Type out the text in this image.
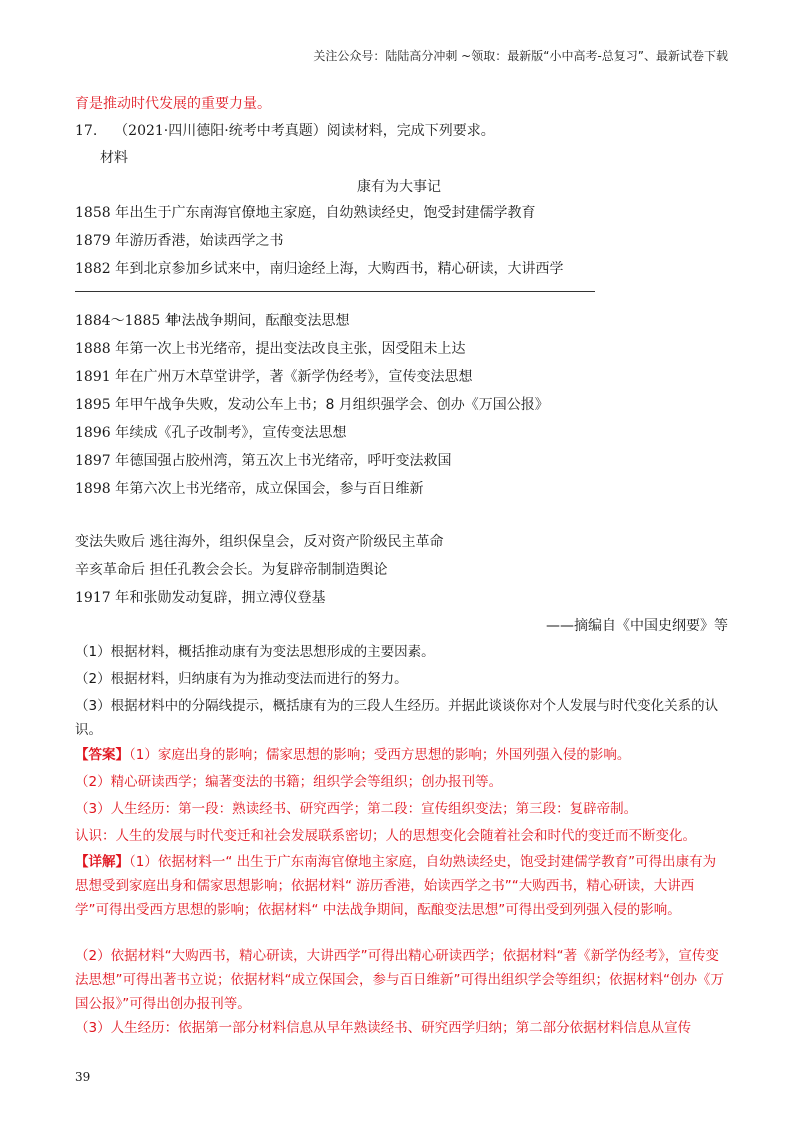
关注公众号：陆陆高分冲刺 ~领取：最新版“小中高考-总复习”、最新试卷下载
育是推动时代发展的重要力量。
17. （2021·四川德阳·统考中考真题）阅读材料，完成下列要求。
材料
康有为大事记
1858 年 出生于广东南海官僚地主家庭，自幼熟读经史，饱受封建儒学教育
1879 年 游历香港，始读西学之书
1882 年 到北京参加乡试来中，南归途经上海，大购西书，精心研读，大讲西学
1884～1885 年 中法战争期间，酝酿变法思想
1888 年 第一次上书光绪帝，提出变法改良主张，因受阻未上达
1891 年 在广州万木草堂讲学，著《新学伪经考》，宣传变法思想
1895 年 甲午战争失败，发动公车上书；8 月组织强学会、创办《万国公报》
1896 年 续成《孔子改制考》，宣传变法思想
1897 年 德国强占胶州湾，第五次上书光绪帝，呼吁变法救国
1898 年 第六次上书光绪帝，成立保国会，参与百日维新
变法失败后 逃往海外，组织保皇会，反对资产阶级民主革命
辛亥革命后 担任孔教会会长。为复辟帝制制造舆论
1917 年 和张勋发动复辟，拥立溥仪登基
——摘编自《中国史纲要》等
（1）根据材料，概括推动康有为变法思想形成的主要因素。
（2）根据材料，归纳康有为为推动变法而进行的努力。
（3）根据材料中的分隔线提示，概括康有为的三段人生经历。并据此谈谈你对个人发展与时代变化关系的认识。
【答案】（1）家庭出身的影响；儒家思想的影响；受西方思想的影响；外国列强入侵的影响。
（2）精心研读西学；编著变法的书籍；组织学会等组织；创办报刊等。
（3）人生经历：第一段：熟读经书、研究西学；第二段：宣传组织变法；第三段：复辟帝制。
认识：人生的发展与时代变迁和社会发展联系密切；人的思想变化会随着社会和时代的变迁而不断变化。
【详解】（1）依据材料一“ 出生于广东南海官僚地主家庭，自幼熟读经史，饱受封建儒学教育”可得出康有为思想受到家庭出身和儒家思想影响；依据材料“ 游历香港，始读西学之书”“大购西书，精心研读，大讲西学”可得出受西方思想的影响；依据材料“ 中法战争期间，酝酿变法思想”可得出受到列强入侵的影响。
（2）依据材料“大购西书，精心研读，大讲西学”可得出精心研读西学；依据材料“著《新学伪经考》，宣传变法思想”可得出著书立说；依据材料“成立保国会，参与百日维新”可得出组织学会等组织；依据材料“创办《万国公报》”可得出创办报刊等。
（3）人生经历：依据第一部分材料信息从早年熟读经书、研究西学归纳；第二部分依据材料信息从宣传
39
